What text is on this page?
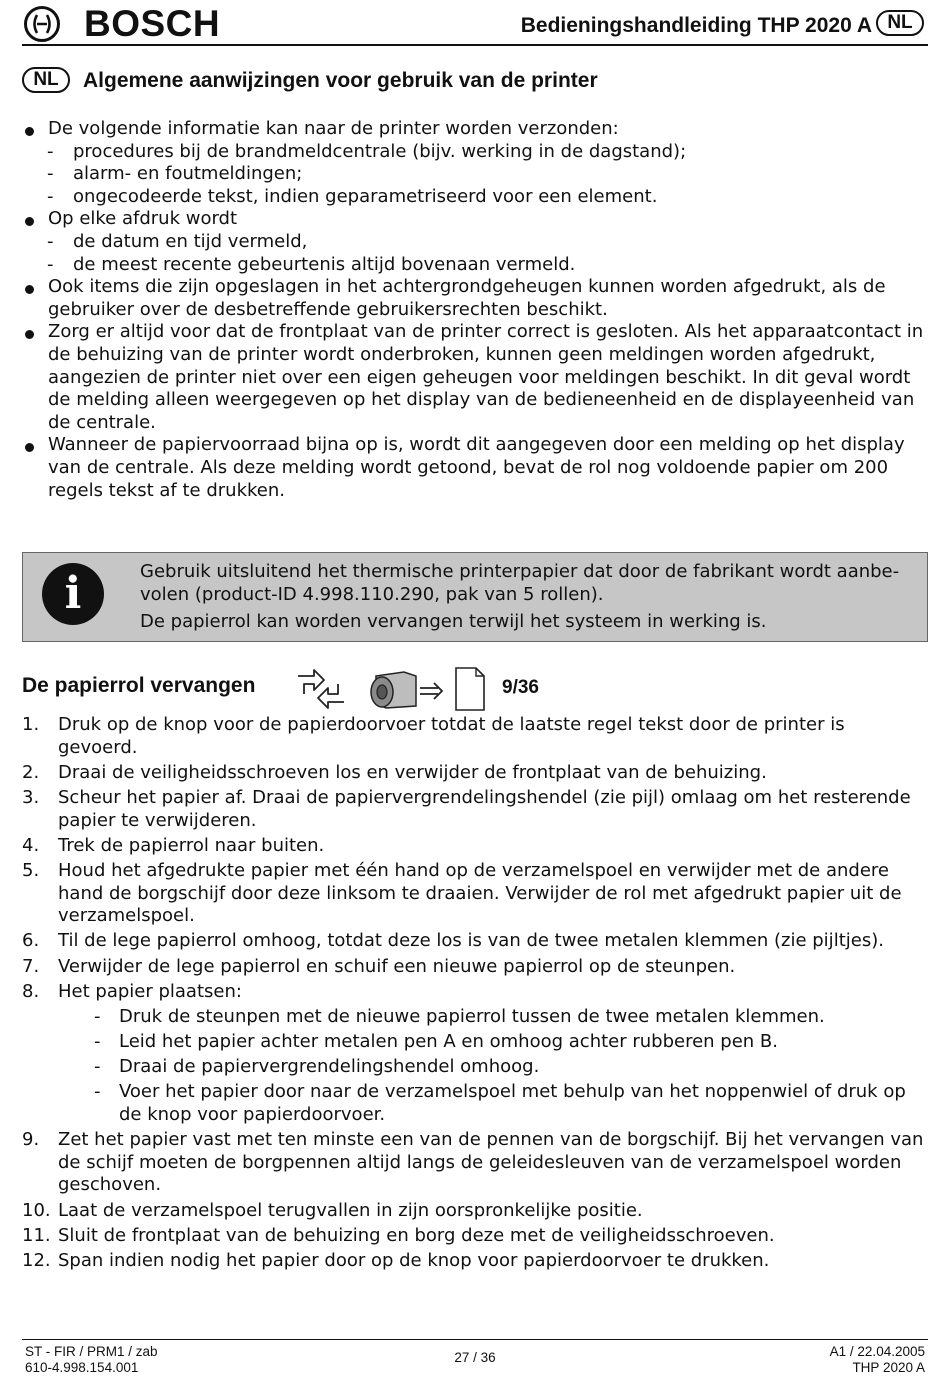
BOSCH	Bedieningshandleiding THP 2020 A NL
NL	Algemene aanwijzingen voor gebruik van de printer
De volgende informatie kan naar de printer worden verzonden:
- procedures bij de brandmeldcentrale (bijv. werking in de dagstand);
- alarm- en foutmeldingen;
- ongecodeerde tekst, indien geparametriseerd voor een element.
Op elke afdruk wordt
- de datum en tijd vermeld,
- de meest recente gebeurtenis altijd bovenaan vermeld.
Ook items die zijn opgeslagen in het achtergrondgeheugen kunnen worden afgedrukt, als de gebruiker over de desbetreffende gebruikersrechten beschikt.
Zorg er altijd voor dat de frontplaat van de printer correct is gesloten. Als het apparaatcontact in de behuizing van de printer wordt onderbroken, kunnen geen meldingen worden afgedrukt, aangezien de printer niet over een eigen geheugen voor meldingen beschikt. In dit geval wordt de melding alleen weergegeven op het display van de bedieneenheid en de displayeenheid van de centrale.
Wanneer de papiervoorraad bijna op is, wordt dit aangegeven door een melding op het display van de centrale. Als deze melding wordt getoond, bevat de rol nog voldoende papier om 200 regels tekst af te drukken.
i	Gebruik uitsluitend het thermische printerpapier dat door de fabrikant wordt aanbe-volen (product-ID 4.998.110.290, pak van 5 rollen).

De papierrol kan worden vervangen terwijl het systeem in werking is.

De papierrol vervangen	9/36
1. Druk op de knop voor de papierdoorvoer totdat de laatste regel tekst door de printer is gevoerd.
2. Draai de veiligheidsschroeven los en verwijder de frontplaat van de behuizing.
3. Scheur het papier af. Draai de papiervergrendelingshendel (zie pijl) omlaag om het resterende papier te verwijderen.
4. Trek de papierrol naar buiten.
5. Houd het afgedrukte papier met één hand op de verzamelspoel en verwijder met de andere hand de borgschijf door deze linksom te draaien. Verwijder de rol met afgedrukt papier uit de verzamelspoel.
6. Til de lege papierrol omhoog, totdat deze los is van de twee metalen klemmen (zie pijltjes).
7. Verwijder de lege papierrol en schuif een nieuwe papierrol op de steunpen.
8. Het papier plaatsen:
- Druk de steunpen met de nieuwe papierrol tussen de twee metalen klemmen.
- Leid het papier achter metalen pen A en omhoog achter rubberen pen B.
- Draai de papiervergrendelingshendel omhoog.
- Voer het papier door naar de verzamelspoel met behulp van het noppenwiel of druk op de knop voor papierdoorvoer.
9. Zet het papier vast met ten minste een van de pennen van de borgschijf. Bij het vervangen van de schijf moeten de borgpennen altijd langs de geleidesleuven van de verzamelspoel worden geschoven.
10. Laat de verzamelspoel terugvallen in zijn oorspronkelijke positie.
11. Sluit de frontplaat van de behuizing en borg deze met de veiligheidsschroeven.
12. Span indien nodig het papier door op de knop voor papierdoorvoer te drukken.
ST - FIR / PRM1 / zab
610-4.998.154.001
27 / 36	A1 / 22.04.2005
THP 2020 A
